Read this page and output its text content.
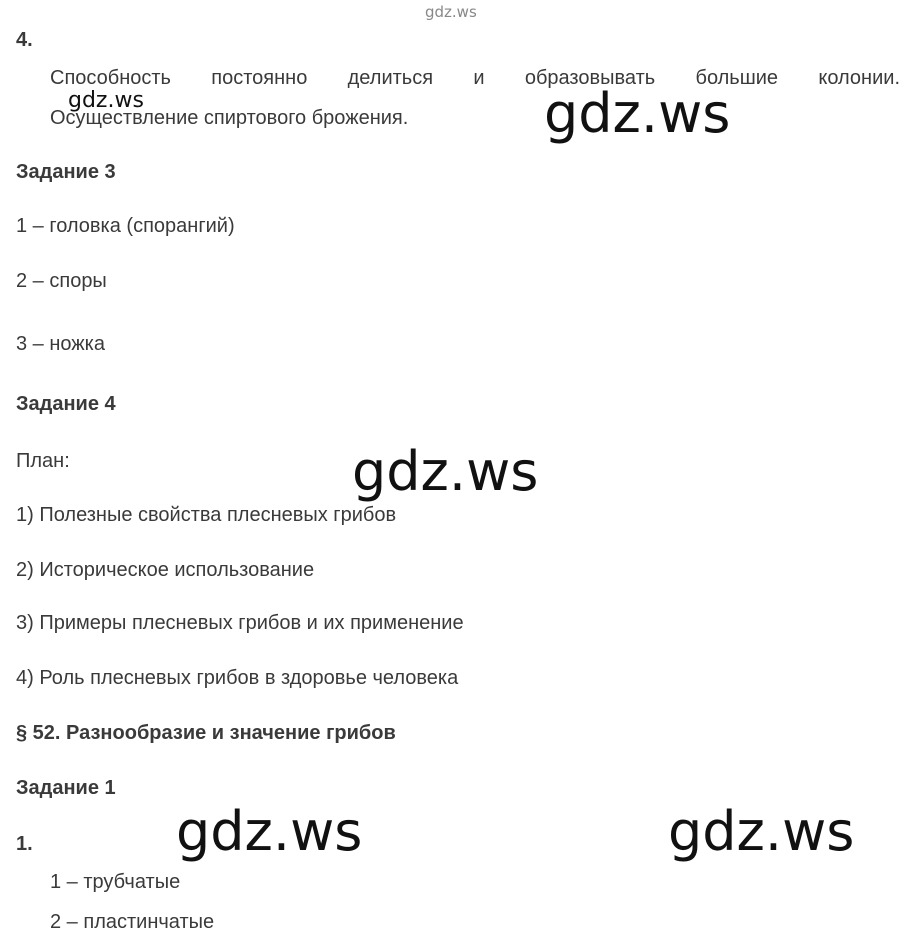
gdz.ws
gdz.ws	gdz.ws
gdz.ws
gdz.ws	gdz.ws
4.
Способность постоянно делиться и образовывать большие колонии.
Осуществление спиртового брожения.
Задание 3
1 – головка (спорангий)
2 – споры
3 – ножка
Задание 4
План:
1) Полезные свойства плесневых грибов
2) Историческое использование
3) Примеры плесневых грибов и их применение
4) Роль плесневых грибов в здоровье человека
§ 52. Разнообразие и значение грибов
Задание 1
1.
1 – трубчатые
2 – пластинчатые
